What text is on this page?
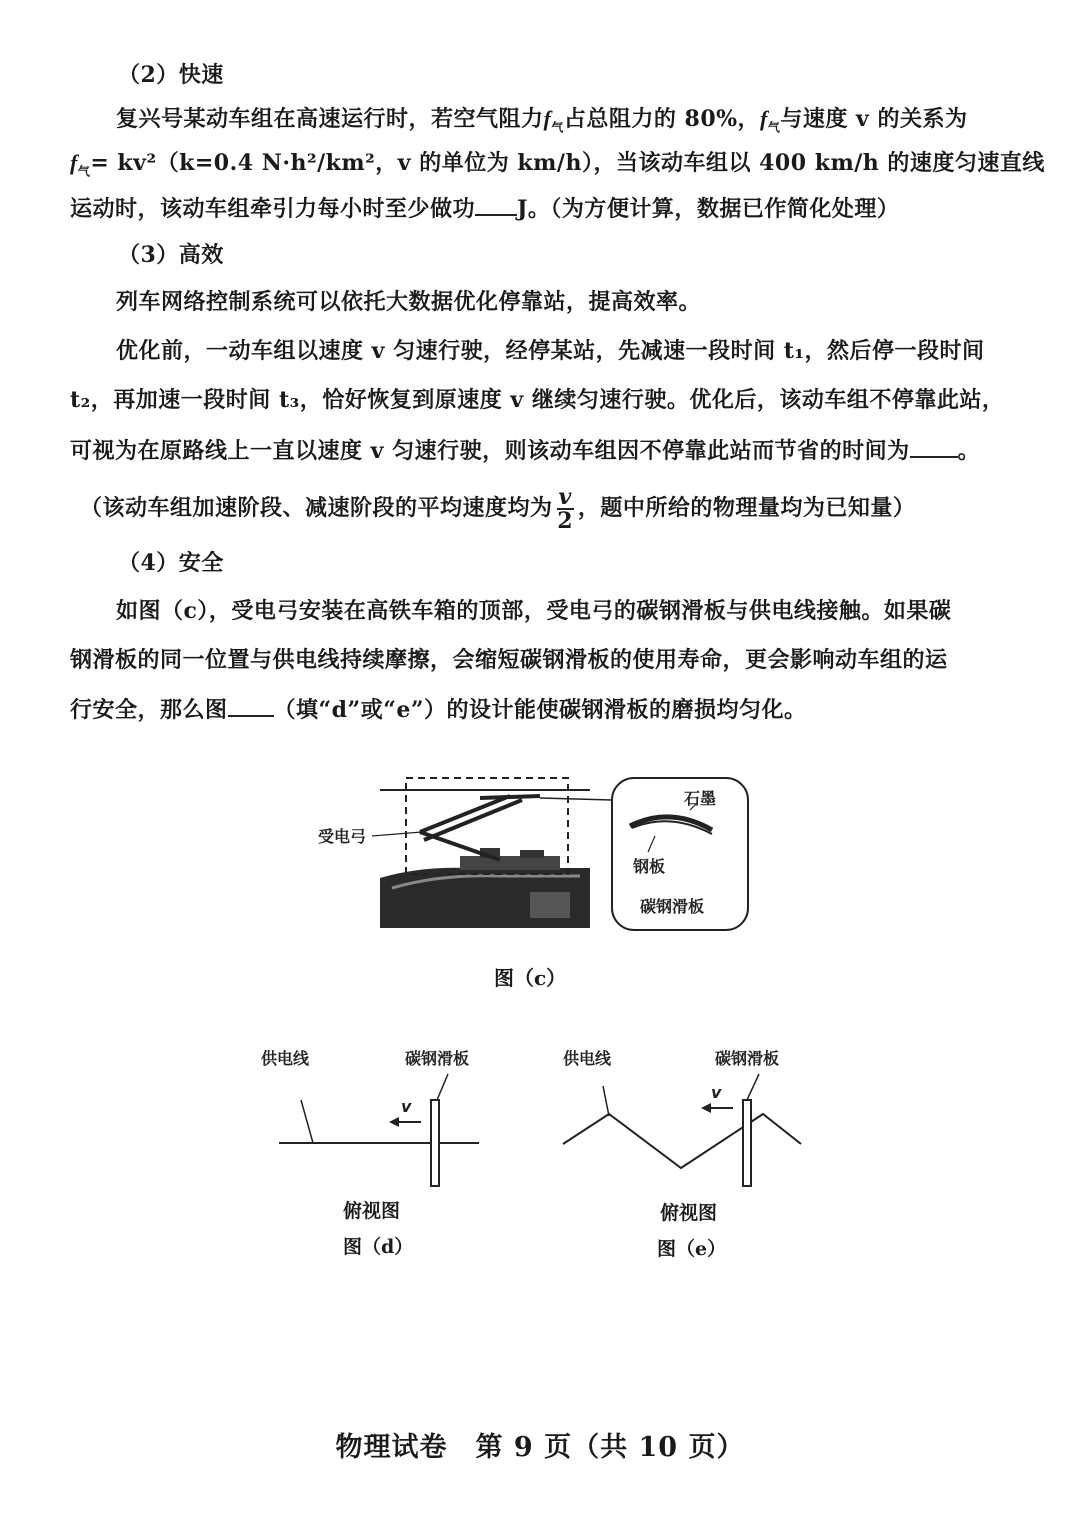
（2）快速
复兴号某动车组在高速运行时，若空气阻力$f_气$占总阻力的 80%，$f_气$与速度 v 的关系为
$f_气= kv^2(k=0.4$ N·h²/km²，v 的单位为 km/h），当该动车组以 400 km/h 的速度匀速直线
运动时，该动车组牵引力每小时至少做功 J。（为方便计算，数据已作简化处理）
（3）高效
列车网络控制系统可以依托大数据优化停靠站，提高效率。
优化前，一动车组以速度 v 匀速行驶，经停某站，先减速一段时间 t₁，然后停一段时间
t₂，再加速一段时间 t₃，恰好恢复到原速度 v 继续匀速行驶。优化后，该动车组不停靠此站，
可视为在原路线上一直以速度 v 匀速行驶，则该动车组因不停靠此站而节省的时间为 。
（该动车组加速阶段、减速阶段的平均速度均为 $\frac{v}{2}$ ，题中所给的物理量均为已知量）
（4）安全
如图（c），受电弓安装在高铁车箱的顶部，受电弓的碳钢滑板与供电线接触。如果碳
钢滑板的同一位置与供电线持续摩擦，会缩短碳钢滑板的使用寿命，更会影响动车组的运
行安全，那么图 （填“d”或“e”）的设计能使碳钢滑板的磨损均匀化。
石墨
钢板
碳钢滑板
受电弓
图（c）
供电线	碳钢滑板
v
俯视图
图（d）
供电线	碳钢滑板
v
俯视图
图（e）
物理试卷　第 9 页（共 10 页）
